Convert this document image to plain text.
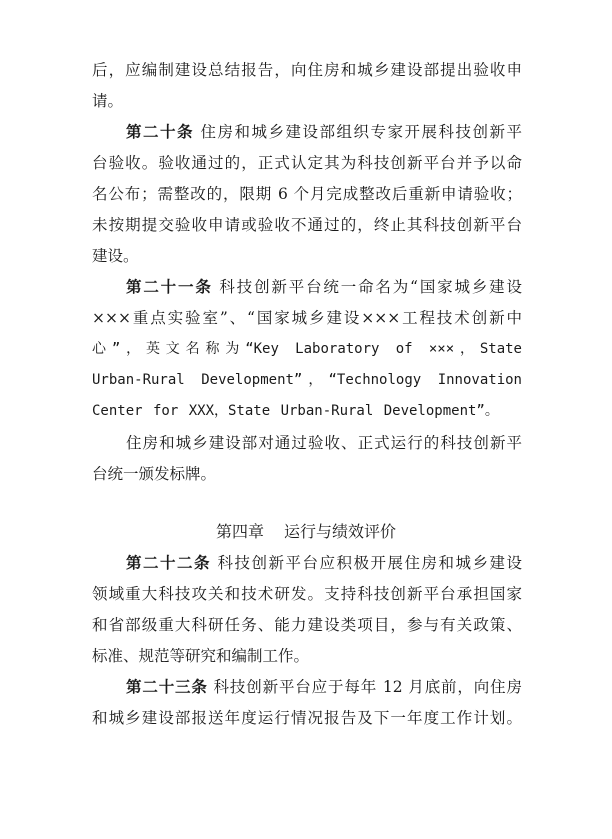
后，应编制建设总结报告，向住房和城乡建设部提出验收申
请。
第二十条 住房和城乡建设部组织专家开展科技创新平
台验收。验收通过的，正式认定其为科技创新平台并予以命
名公布；需整改的，限期 6 个月完成整改后重新申请验收；
未按期提交验收申请或验收不通过的，终止其科技创新平台
建设。
第二十一条 科技创新平台统一命名为“国家城乡建设
×××重点实验室”、“国家城乡建设×××工程技术创新中
心”，英文名称为“Key Laboratory of ×××，State
Urban-Rural Development”，“Technology Innovation
Center for XXX，State Urban-Rural Development”。
住房和城乡建设部对通过验收、正式运行的科技创新平
台统一颁发标牌。
第四章 运行与绩效评价
第二十二条 科技创新平台应积极开展住房和城乡建设
领域重大科技攻关和技术研发。支持科技创新平台承担国家
和省部级重大科研任务、能力建设类项目，参与有关政策、
标准、规范等研究和编制工作。
第二十三条 科技创新平台应于每年 12 月底前，向住房
和城乡建设部报送年度运行情况报告及下一年度工作计划。
